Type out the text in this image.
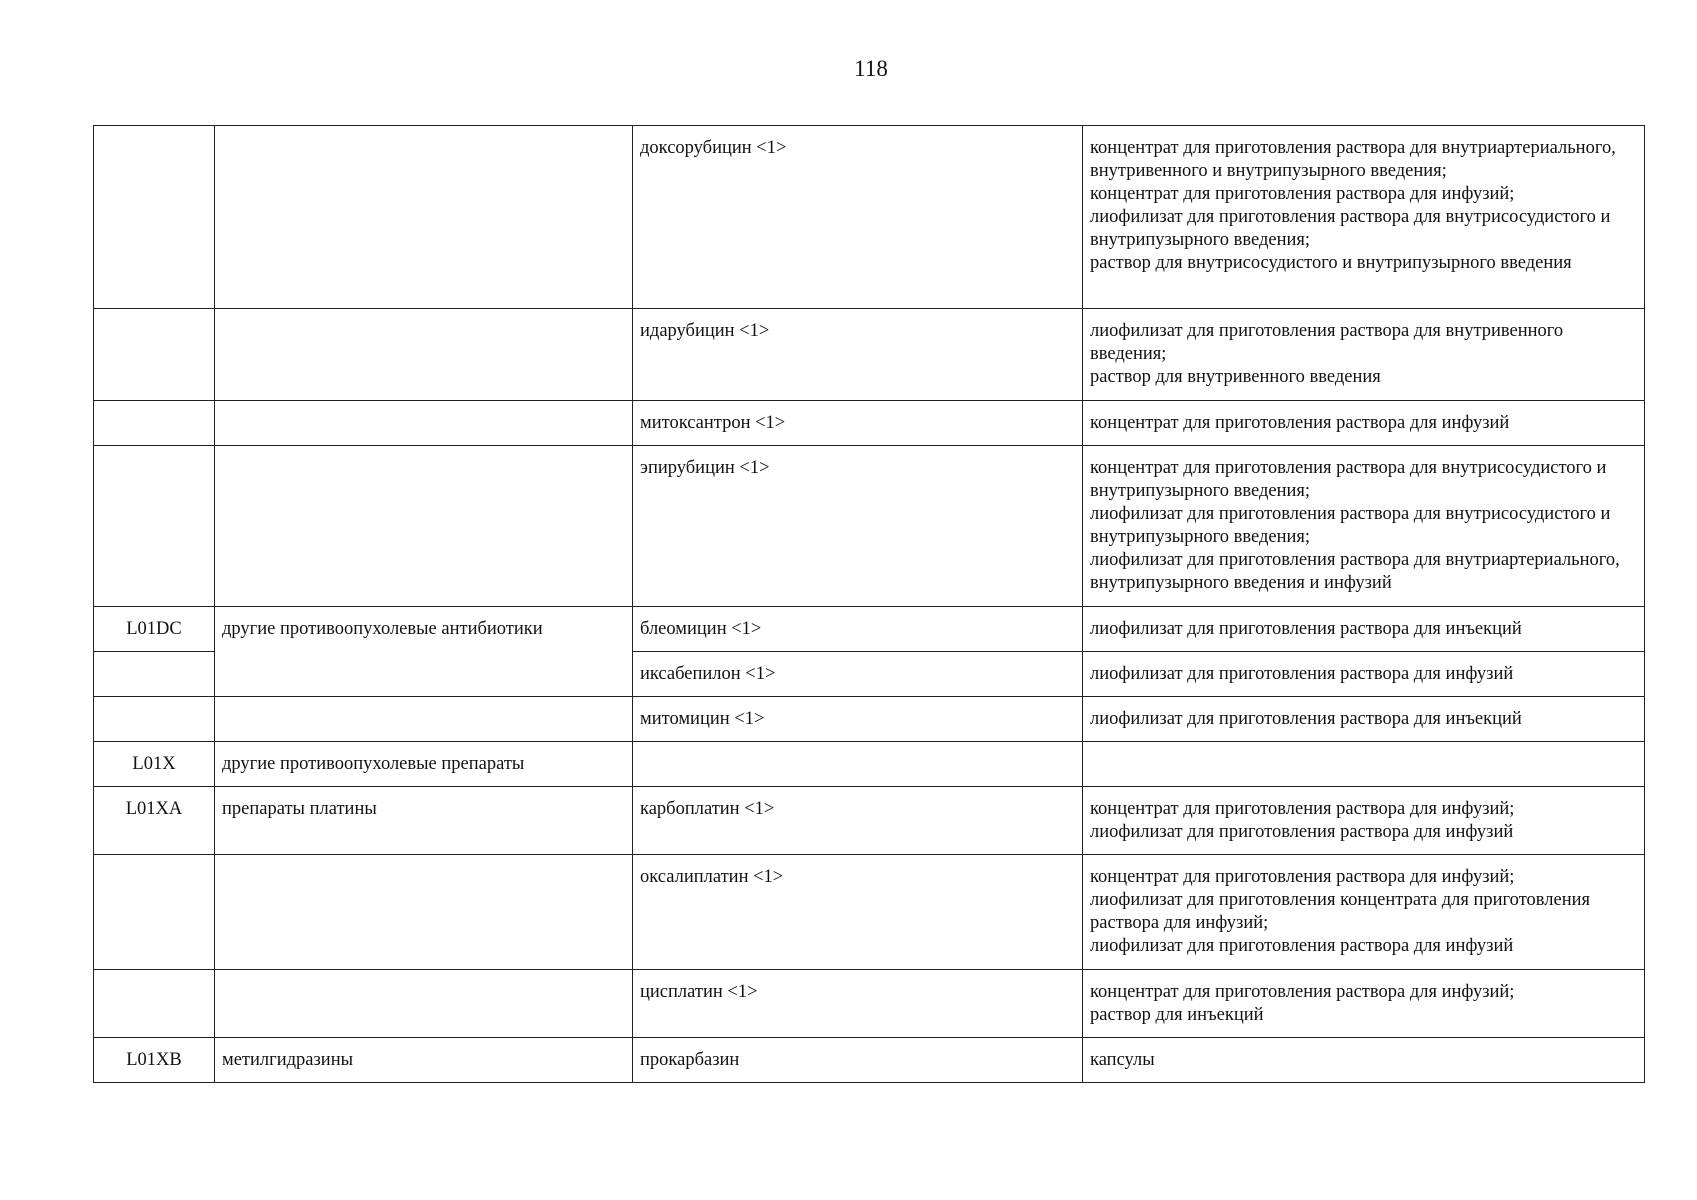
118
		доксорубицин <1>	концентрат для приготовления раствора для внутриартериального, внутривенного и внутрипузырного введения;
концентрат для приготовления раствора для инфузий;
лиофилизат для приготовления раствора для внутрисосудистого и внутрипузырного введения;
раствор для внутрисосудистого и внутрипузырного введения

		идарубицин <1>	лиофилизат для приготовления раствора для внутривенного введения;
раствор для внутривенного введения

		митоксантрон <1>	концентрат для приготовления раствора для инфузий

		эпирубицин <1>	концентрат для приготовления раствора для внутрисосудистого и внутрипузырного введения;
лиофилизат для приготовления раствора для внутрисосудистого и внутрипузырного введения;
лиофилизат для приготовления раствора для внутриартериального, внутрипузырного введения и инфузий

L01DC	другие противоопухолевые антибиотики	блеомицин <1>	лиофилизат для приготовления раствора для инъекций

		иксабепилон <1>	лиофилизат для приготовления раствора для инфузий

		митомицин <1>	лиофилизат для приготовления раствора для инъекций

L01X	другие противоопухолевые препараты		
L01XA	препараты платины	карбоплатин <1>	концентрат для приготовления раствора для инфузий;
лиофилизат для приготовления раствора для инфузий

		оксалиплатин <1>	концентрат для приготовления раствора для инфузий;
лиофилизат для приготовления концентрата для приготовления раствора для инфузий;
лиофилизат для приготовления раствора для инфузий

		цисплатин <1>	концентрат для приготовления раствора для инфузий;
раствор для инъекций

L01XB	метилгидразины	прокарбазин	капсулы
